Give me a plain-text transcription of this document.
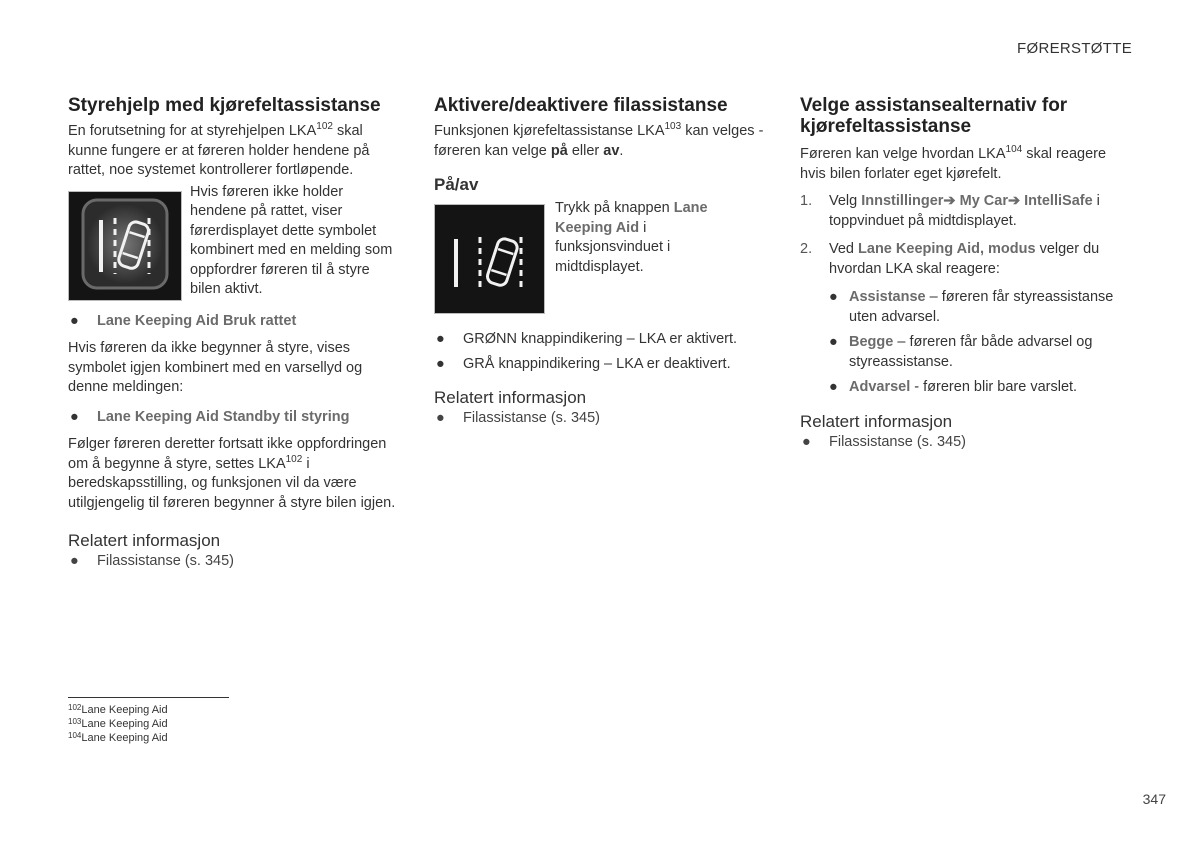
FØRERSTØTTE
Styrehjelp med kjørefeltassistanse

En forutsetning for at styrehjelpen LKA$^{102}$ skal kunne fungere er at føreren holder hendene på rattet, noe systemet kontrollerer fortløpende.

Hvis føreren ikke holder hendene på rattet, viser førerdisplayet dette symbolet kombinert med en melding som oppfordrer føreren til å styre bilen aktivt.

● Lane Keeping Aid Bruk rattet

Hvis føreren da ikke begynner å styre, vises symbolet igjen kombinert med en varsellyd og denne meldingen:

● Lane Keeping Aid Standby til styring

Følger føreren deretter fortsatt ikke oppfordringen om å begynne å styre, settes LKA$^{102}$ i beredskapsstilling, og funksjonen vil da være utilgjengelig til føreren begynner å styre bilen igjen.

Relatert informasjon
● Filassistanse (s. 345)
Aktivere/deaktivere filassistanse

Funksjonen kjørefeltassistanse LKA$^{103}$ kan velges - føreren kan velge på eller av.

På/av

Trykk på knappen Lane Keeping Aid i funksjonsvinduet i midtdisplayet.

● GRØNN knappindikering – LKA er aktivert.
● GRÅ knappindikering – LKA er deaktivert.
Relatert informasjon
● Filassistanse (s. 345)
Velge assistansealternativ for kjørefeltassistanse

Føreren kan velge hvordan LKA$^{104}$ skal reagere hvis bilen forlater eget kjørefelt.

1. Velg Innstillinger➔ My Car➔ IntelliSafe i toppvinduet på midtdisplayet.
2. Ved Lane Keeping Aid, modus velger du hvordan LKA skal reagere:
● Assistanse – føreren får styreassistanse uten advarsel.
● Begge – føreren får både advarsel og styreassistanse.
● Advarsel - føreren blir bare varslet.
Relatert informasjon
● Filassistanse (s. 345)
$^{102}$Lane Keeping Aid
$^{103}$Lane Keeping Aid
$^{104}$Lane Keeping Aid
347
